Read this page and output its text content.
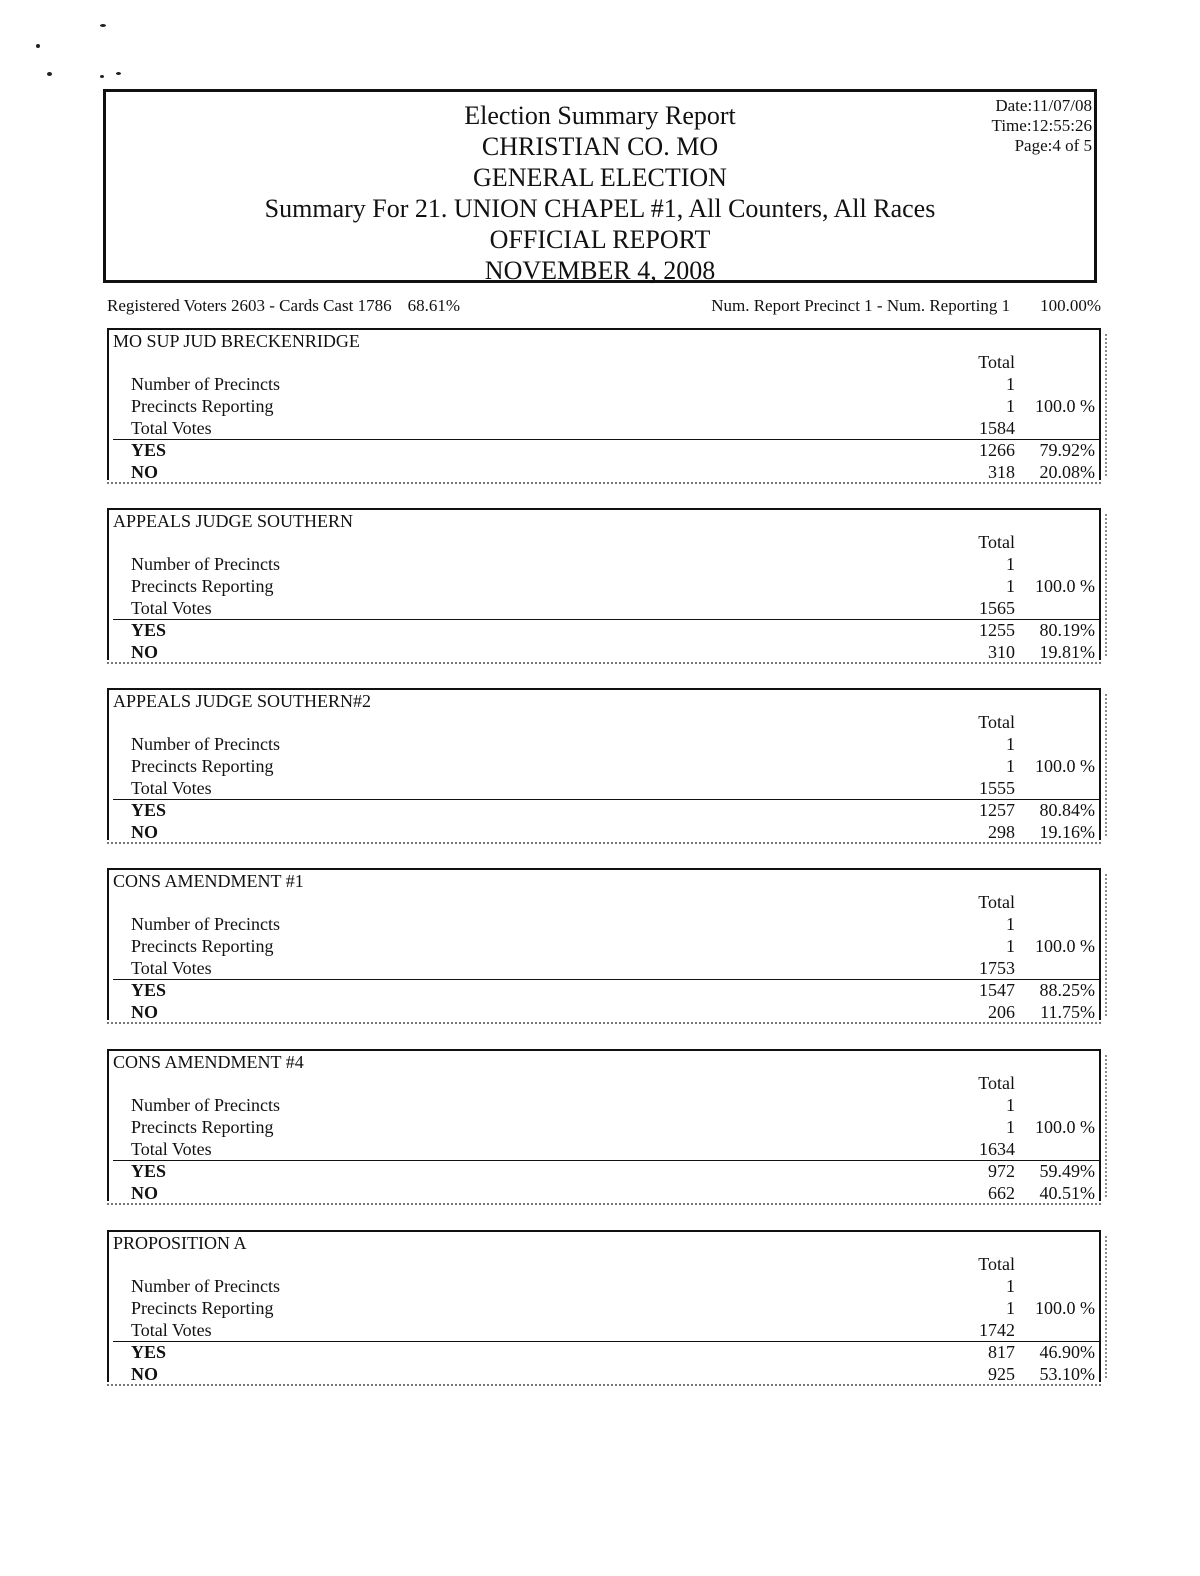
Election Summary Report
CHRISTIAN CO. MO
GENERAL ELECTION
Summary For 21. UNION CHAPEL #1, All Counters, All Races
OFFICIAL REPORT
NOVEMBER 4, 2008
Date:11/07/08
Time:12:55:26
Page:4 of 5
Registered Voters 2603 - Cards Cast 1786 68.61%	Num. Report Precinct 1 - Num. Reporting 1 100.00%
MO SUP JUD BRECKENRIDGE
Total
Number of Precincts	1
Precincts Reporting	1 100.0 %
Total Votes	1584
YES	1266 79.92%
NO	318 20.08%
APPEALS JUDGE SOUTHERN
Total
Number of Precincts	1
Precincts Reporting	1 100.0 %
Total Votes	1565
YES	1255 80.19%
NO	310 19.81%
APPEALS JUDGE SOUTHERN#2
Total
Number of Precincts	1
Precincts Reporting	1 100.0 %
Total Votes	1555
YES	1257 80.84%
NO	298 19.16%
CONS AMENDMENT #1
Total
Number of Precincts	1
Precincts Reporting	1 100.0 %
Total Votes	1753
YES	1547 88.25%
NO	206 11.75%
CONS AMENDMENT #4
Total
Number of Precincts	1
Precincts Reporting	1 100.0 %
Total Votes	1634
YES	972 59.49%
NO	662 40.51%
PROPOSITION A
Total
Number of Precincts	1
Precincts Reporting	1 100.0 %
Total Votes	1742
YES	817 46.90%
NO	925 53.10%
